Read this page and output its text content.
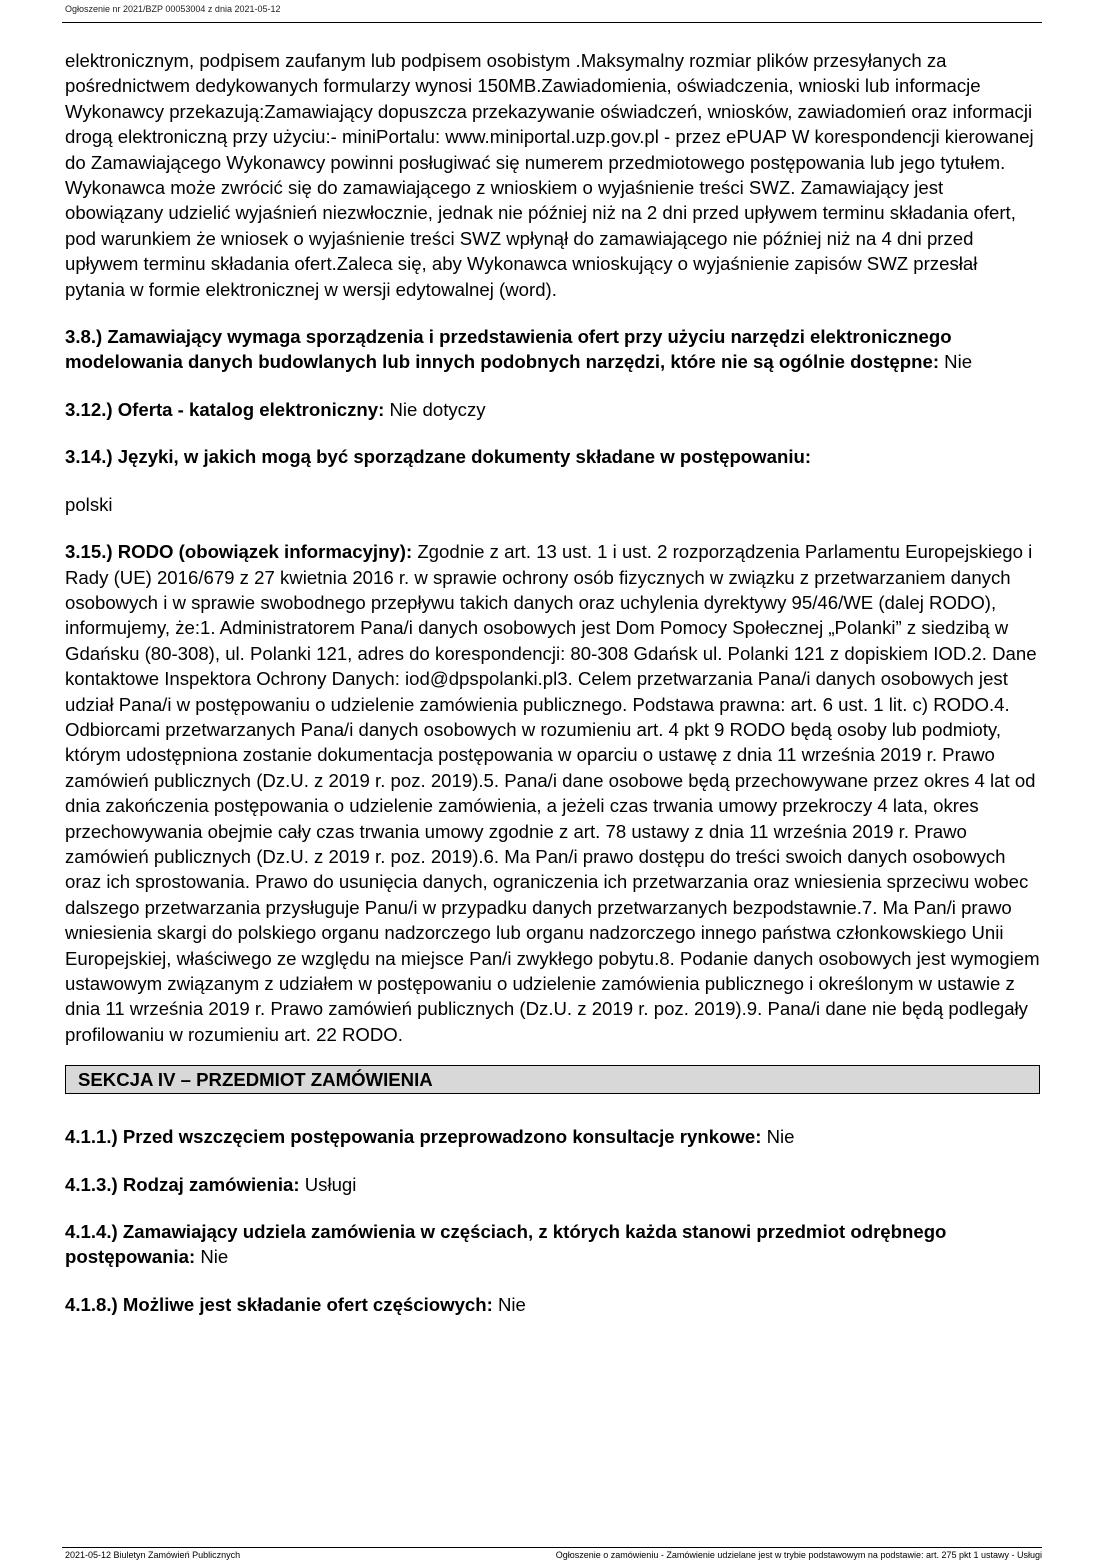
Ogłoszenie nr 2021/BZP 00053004 z dnia 2021-05-12

elektronicznym, podpisem zaufanym lub podpisem osobistym .Maksymalny rozmiar plików przesyłanych za pośrednictwem dedykowanych formularzy wynosi 150MB.Zawiadomienia, oświadczenia, wnioski lub informacje Wykonawcy przekazują:Zamawiający dopuszcza przekazywanie oświadczeń, wniosków, zawiadomień oraz informacji drogą elektroniczną przy użyciu:- miniPortalu: www.miniportal.uzp.gov.pl - przez ePUAP W korespondencji kierowanej do Zamawiającego Wykonawcy powinni posługiwać się numerem przedmiotowego postępowania lub jego tytułem. Wykonawca może zwrócić się do zamawiającego z wnioskiem o wyjaśnienie treści SWZ. Zamawiający jest obowiązany udzielić wyjaśnień niezwłocznie, jednak nie później niż na 2 dni przed upływem terminu składania ofert, pod warunkiem że wniosek o wyjaśnienie treści SWZ wpłynął do zamawiającego nie później niż na 4 dni przed upływem terminu składania ofert.Zaleca się, aby Wykonawca wnioskujący o wyjaśnienie zapisów SWZ przesłał pytania w formie elektronicznej w wersji edytowalnej (word).

3.8.) Zamawiający wymaga sporządzenia i przedstawienia ofert przy użyciu narzędzi elektronicznego modelowania danych budowlanych lub innych podobnych narzędzi, które nie są ogólnie dostępne: Nie

3.12.) Oferta - katalog elektroniczny: Nie dotyczy

3.14.) Języki, w jakich mogą być sporządzane dokumenty składane w postępowaniu:

polski

3.15.) RODO (obowiązek informacyjny): Zgodnie z art. 13 ust. 1 i ust. 2 rozporządzenia Parlamentu Europejskiego i Rady (UE) 2016/679 z 27 kwietnia 2016 r. w sprawie ochrony osób fizycznych w związku z przetwarzaniem danych osobowych i w sprawie swobodnego przepływu takich danych oraz uchylenia dyrektywy 95/46/WE (dalej RODO), informujemy, że:1. Administratorem Pana/i danych osobowych jest Dom Pomocy Społecznej „Polanki” z siedzibą w Gdańsku (80-308), ul. Polanki 121, adres do korespondencji: 80-308 Gdańsk ul. Polanki 121 z dopiskiem IOD.2. Dane kontaktowe Inspektora Ochrony Danych: iod@dpspolanki.pl3. Celem przetwarzania Pana/i danych osobowych jest udział Pana/i w postępowaniu o udzielenie zamówienia publicznego. Podstawa prawna: art. 6 ust. 1 lit. c) RODO.4. Odbiorcami przetwarzanych Pana/i danych osobowych w rozumieniu art. 4 pkt 9 RODO będą osoby lub podmioty, którym udostępniona zostanie dokumentacja postępowania w oparciu o ustawę z dnia 11 września 2019 r. Prawo zamówień publicznych (Dz.U. z 2019 r. poz. 2019).5. Pana/i dane osobowe będą przechowywane przez okres 4 lat od dnia zakończenia postępowania o udzielenie zamówienia, a jeżeli czas trwania umowy przekroczy 4 lata, okres przechowywania obejmie cały czas trwania umowy zgodnie z art. 78 ustawy z dnia 11 września 2019 r. Prawo zamówień publicznych (Dz.U. z 2019 r. poz. 2019).6. Ma Pan/i prawo dostępu do treści swoich danych osobowych oraz ich sprostowania. Prawo do usunięcia danych, ograniczenia ich przetwarzania oraz wniesienia sprzeciwu wobec dalszego przetwarzania przysługuje Panu/i w przypadku danych przetwarzanych bezpodstawnie.7. Ma Pan/i prawo wniesienia skargi do polskiego organu nadzorczego lub organu nadzorczego innego państwa członkowskiego Unii Europejskiej, właściwego ze względu na miejsce Pan/i zwykłego pobytu.8. Podanie danych osobowych jest wymogiem ustawowym związanym z udziałem w postępowaniu o udzielenie zamówienia publicznego i określonym w ustawie z dnia 11 września 2019 r. Prawo zamówień publicznych (Dz.U. z 2019 r. poz. 2019).9. Pana/i dane nie będą podlegały profilowaniu w rozumieniu art. 22 RODO.

SEKCJA IV – PRZEDMIOT ZAMÓWIENIA

4.1.1.) Przed wszczęciem postępowania przeprowadzono konsultacje rynkowe: Nie

4.1.3.) Rodzaj zamówienia: Usługi

4.1.4.) Zamawiający udziela zamówienia w częściach, z których każda stanowi przedmiot odrębnego postępowania: Nie

4.1.8.) Możliwe jest składanie ofert częściowych: Nie

2021-05-12 Biuletyn Zamówień Publicznych	Ogłoszenie o zamówieniu - Zamówienie udzielane jest w trybie podstawowym na podstawie: art. 275 pkt 1 ustawy - Usługi
